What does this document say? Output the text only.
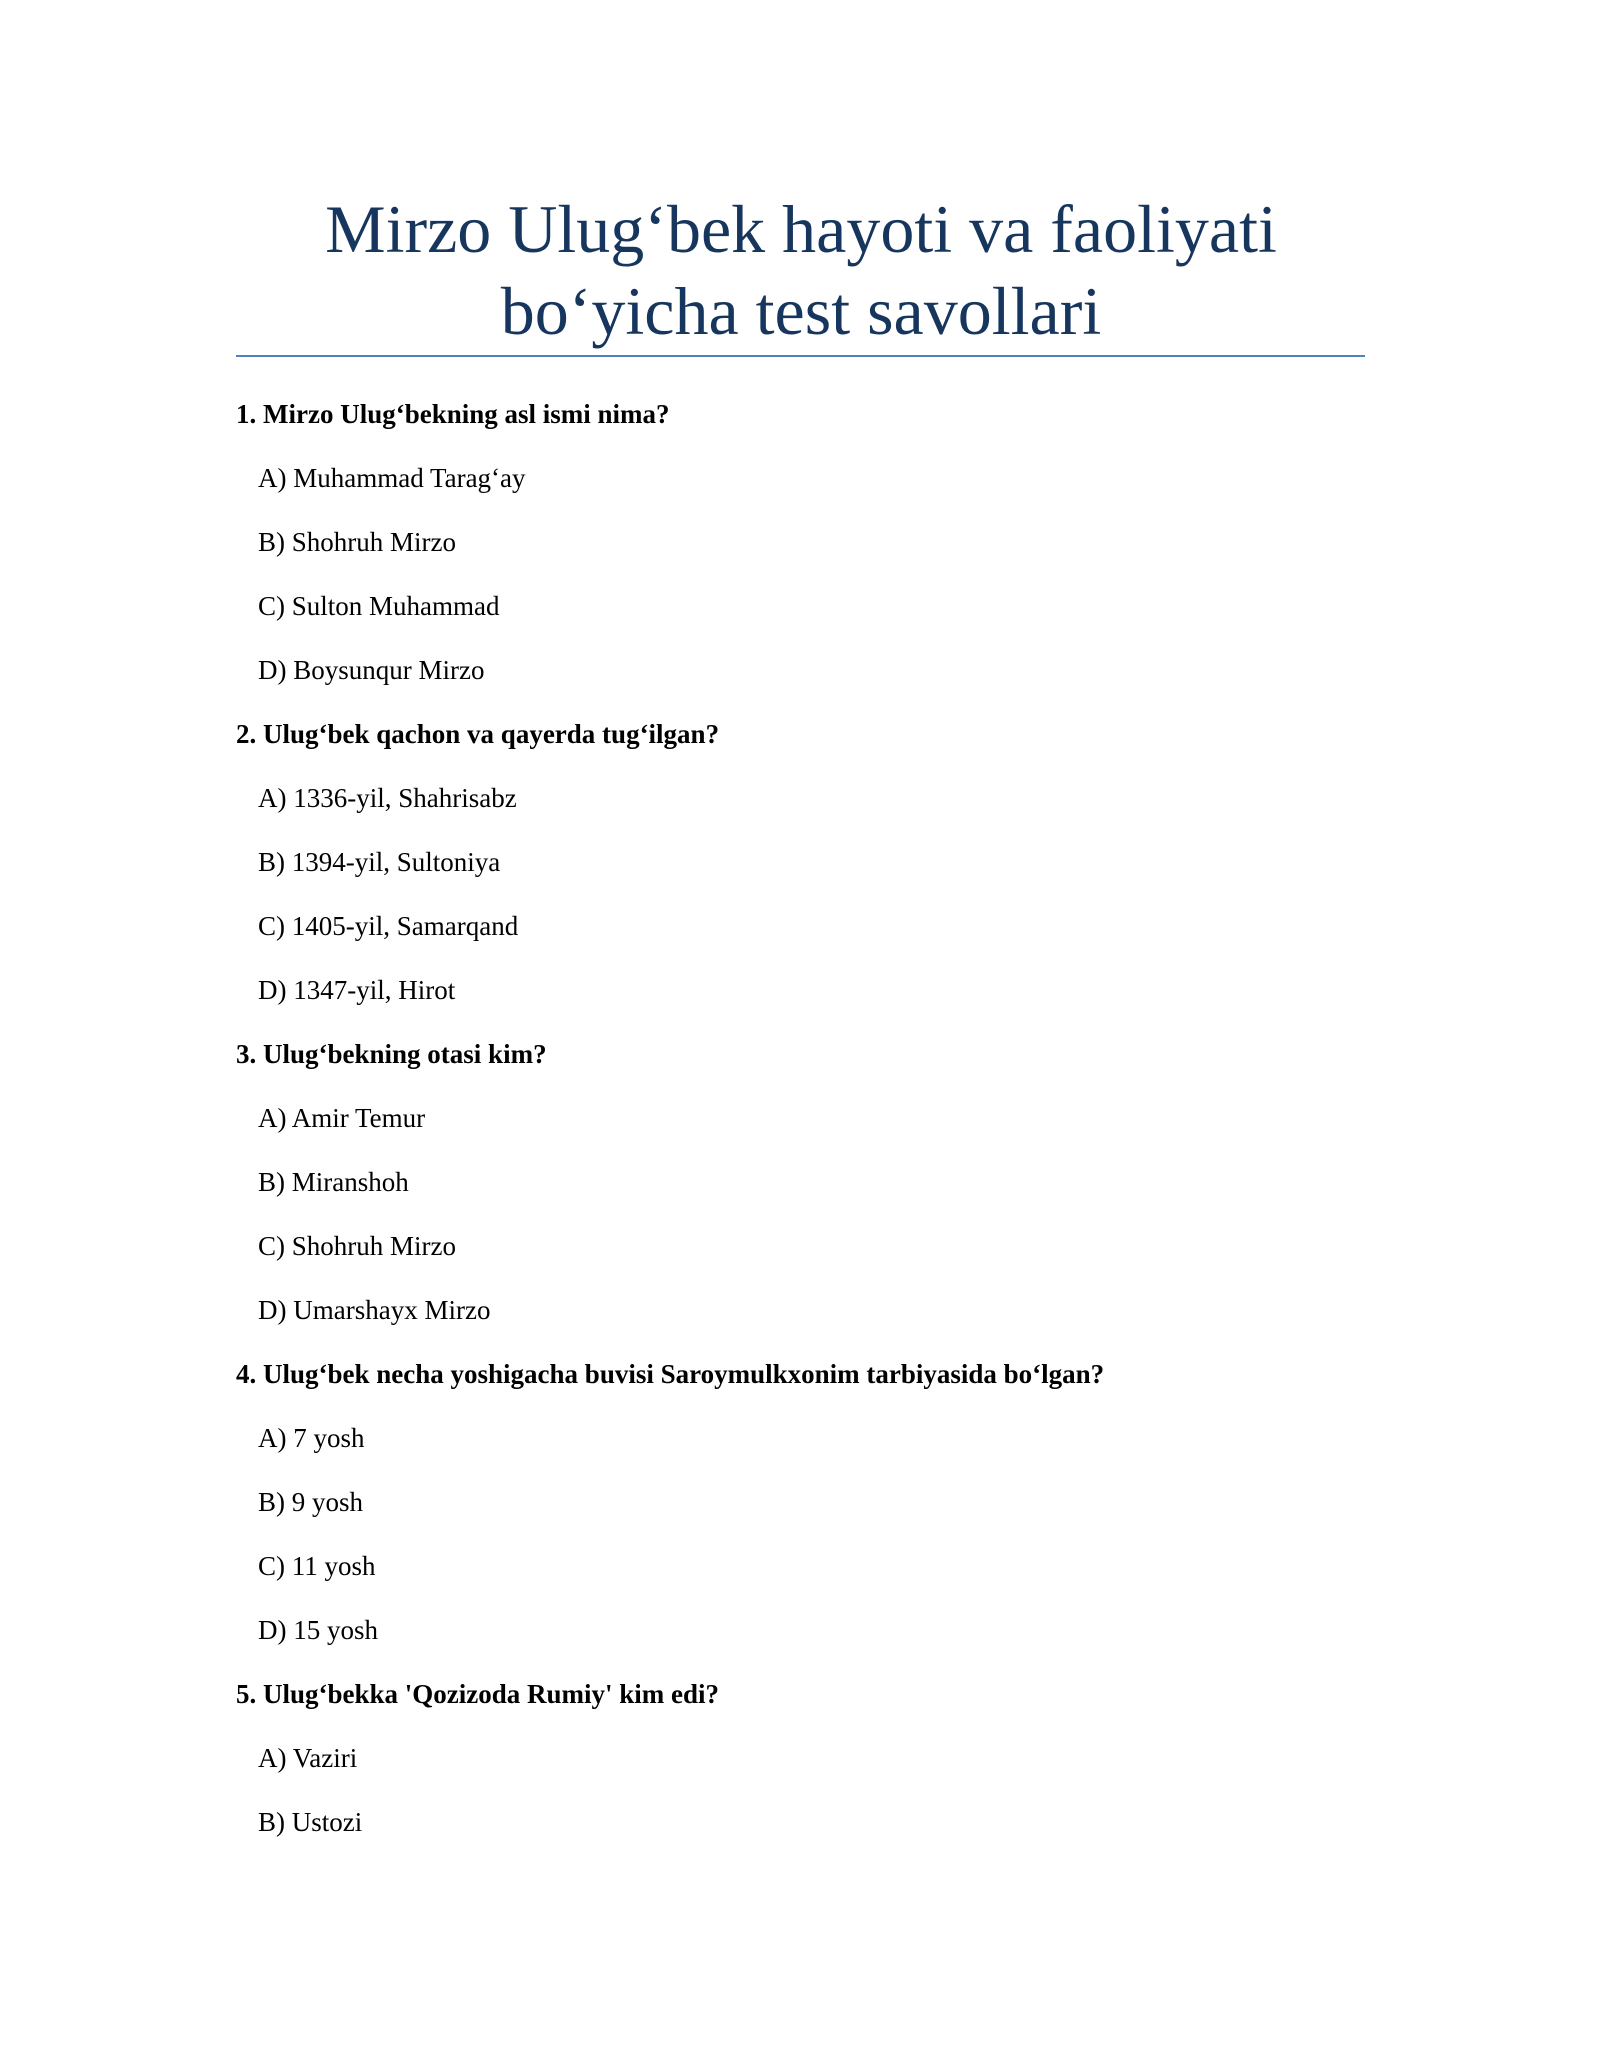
Mirzo Ulug‘bek hayoti va faoliyati
bo‘yicha test savollari
1. Mirzo Ulug‘bekning asl ismi nima?
A) Muhammad Tarag‘ay
B) Shohruh Mirzo
C) Sulton Muhammad
D) Boysunqur Mirzo
2. Ulug‘bek qachon va qayerda tug‘ilgan?
A) 1336-yil, Shahrisabz
B) 1394-yil, Sultoniya
C) 1405-yil, Samarqand
D) 1347-yil, Hirot
3. Ulug‘bekning otasi kim?
A) Amir Temur
B) Miranshoh
C) Shohruh Mirzo
D) Umarshayx Mirzo
4. Ulug‘bek necha yoshigacha buvisi Saroymulkxonim tarbiyasida bo‘lgan?
A) 7 yosh
B) 9 yosh
C) 11 yosh
D) 15 yosh
5. Ulug‘bekka 'Qozizoda Rumiy' kim edi?
A) Vaziri
B) Ustozi
